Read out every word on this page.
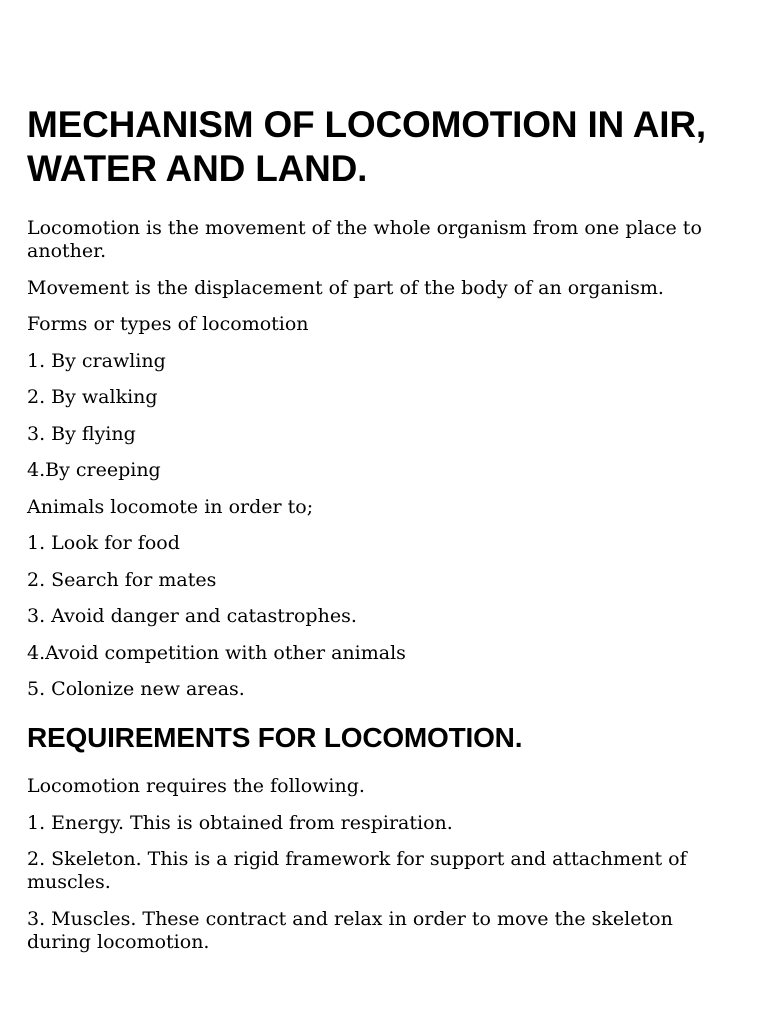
MECHANISM OF LOCOMOTION IN AIR, WATER AND LAND.

Locomotion is the movement of the whole organism from one place to another.

Movement is the displacement of part of the body of an organism.

Forms or types of locomotion

1. By crawling

2. By walking

3. By flying

4.By creeping

Animals locomote in order to;

1. Look for food

2. Search for mates

3. Avoid danger and catastrophes.

4.Avoid competition with other animals

5. Colonize new areas.

REQUIREMENTS FOR LOCOMOTION.

Locomotion requires the following.

1. Energy. This is obtained from respiration.

2. Skeleton. This is a rigid framework for support and attachment of muscles.

3. Muscles. These contract and relax in order to move the skeleton during locomotion.
